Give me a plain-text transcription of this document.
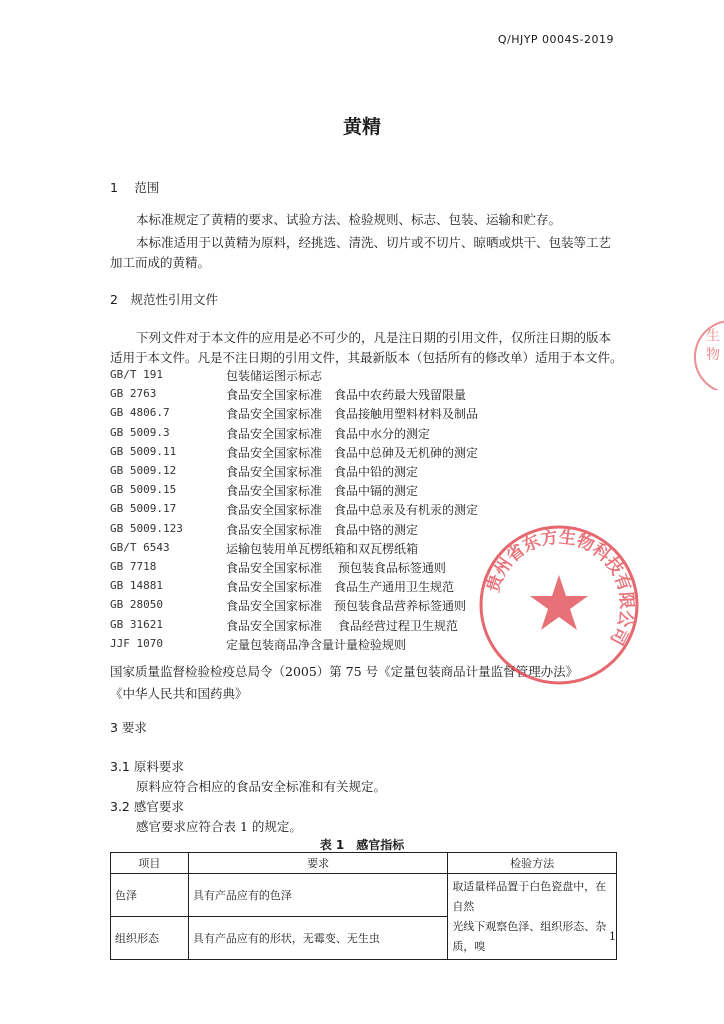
Q/HJYP 0004S-2019
黄精
1　 范围
本标准规定了黄精的要求、试验方法、检验规则、标志、包装、运输和贮存。
本标准适用于以黄精为原料，经挑选、清洗、切片或不切片、晾晒或烘干、包装等工艺
加工而成的黄精。
2　规范性引用文件
下列文件对于本文件的应用是必不可少的，凡是注日期的引用文件，仅所注日期的版本
适用于本文件。凡是不注日期的引用文件，其最新版本（包括所有的修改单）适用于本文件。
GB/T 191	包装储运图示标志
GB 2763	食品安全国家标准　食品中农药最大残留限量
GB 4806.7	食品安全国家标准　食品接触用塑料材料及制品
GB 5009.3	食品安全国家标准　食品中水分的测定
GB 5009.11	食品安全国家标准　食品中总砷及无机砷的测定
GB 5009.12	食品安全国家标准　食品中铅的测定
GB 5009.15	食品安全国家标准　食品中镉的测定
GB 5009.17	食品安全国家标准　食品中总汞及有机汞的测定
GB 5009.123	食品安全国家标准　食品中铬的测定
GB/T 6543	运输包装用单瓦楞纸箱和双瓦楞纸箱
GB 7718	食品安全国家标准　 预包装食品标签通则
GB 14881	食品安全国家标准　食品生产通用卫生规范
GB 28050	食品安全国家标准　预包装食品营养标签通则
GB 31621	食品安全国家标准　 食品经营过程卫生规范
JJF 1070	定量包装商品净含量计量检验规则
国家质量监督检验检疫总局令（2005）第 75 号《定量包装商品计量监督管理办法》
《中华人民共和国药典》
3 要求
3.1 原料要求
原料应符合相应的食品安全标准和有关规定。
3.2 感官要求
感官要求应符合表 1 的规定。
表 1　感官指标
项目	要求	检验方法
色泽	具有产品应有的色泽	取适量样品置于白色瓷盘中，在自然
光线下观察色泽、组织形态、杂质，嗅

组织形态	具有产品应有的形状，无霉变、无生虫		1
贵州省东方生物科技有限公司
生 物
